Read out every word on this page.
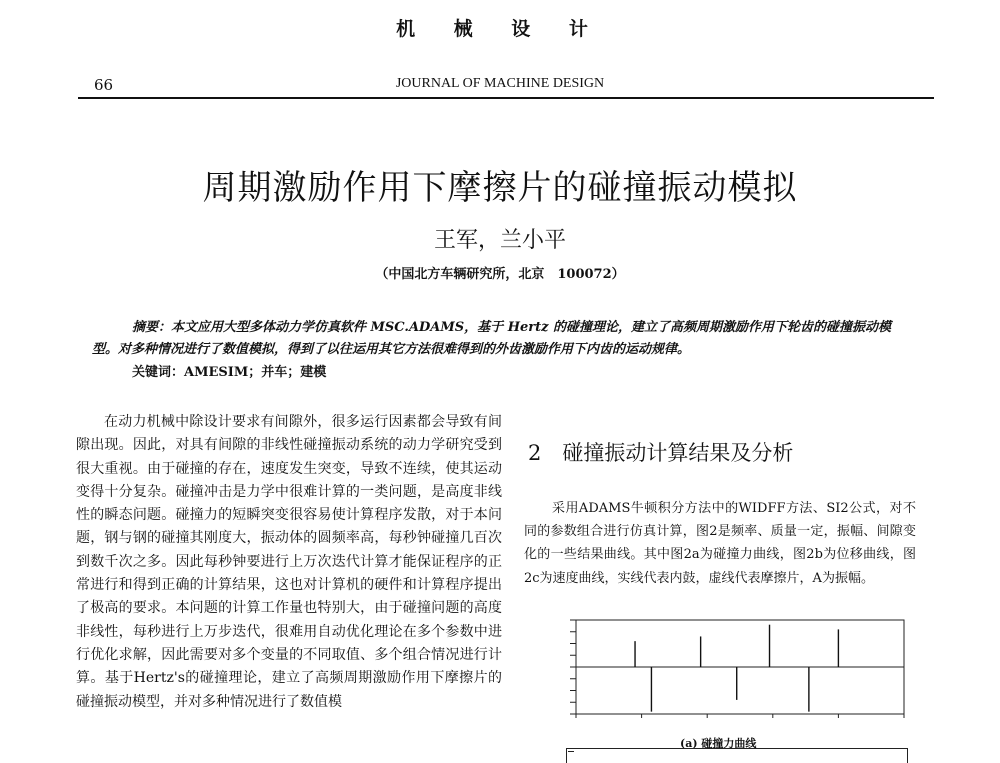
机 械 设 计
66	JOURNAL OF MACHINE DESIGN
周期激励作用下摩擦片的碰撞振动模拟
王军，兰小平
（中国北方车辆研究所，北京　100072）
摘要：本文应用大型多体动力学仿真软件 MSC.ADAMS，基于 Hertz 的碰撞理论，建立了高频周期激励作用下轮齿的碰撞振动模型。对多种情况进行了数值模拟，得到了以往运用其它方法很难得到的外齿激励作用下内齿的运动规律。
关键词：AMESIM；并车；建模
在动力机械中除设计要求有间隙外，很多运行因素都会导致有间隙出现。因此，对具有间隙的非线性碰撞振动系统的动力学研究受到很大重视。由于碰撞的存在，速度发生突变，导致不连续，使其运动变得十分复杂。碰撞冲击是力学中很难计算的一类问题，是高度非线性的瞬态问题。碰撞力的短瞬突变很容易使计算程序发散，对于本问题，钢与钢的碰撞其刚度大，振动体的圆频率高，每秒钟碰撞几百次到数千次之多。因此每秒钟要进行上万次迭代计算才能保证程序的正常进行和得到正确的计算结果，这也对计算机的硬件和计算程序提出了极高的要求。本问题的计算工作量也特别大，由于碰撞问题的高度非线性，每秒进行上万步迭代，很难用自动优化理论在多个参数中进行优化求解，因此需要对多个变量的不同取值、多个组合情况进行计算。基于Hertz's的碰撞理论，建立了高频周期激励作用下摩擦片的碰撞振动模型，并对多种情况进行了数值模
2　碰撞振动计算结果及分析
采用ADAMS牛顿积分方法中的WIDFF方法、SI2公式，对不同的参数组合进行仿真计算，图2是频率、质量一定，振幅、间隙变化的一些结果曲线。其中图2a为碰撞力曲线，图2b为位移曲线，图2c为速度曲线，实线代表内鼓，虚线代表摩擦片，A为振幅。
(a) 碰撞力曲线
